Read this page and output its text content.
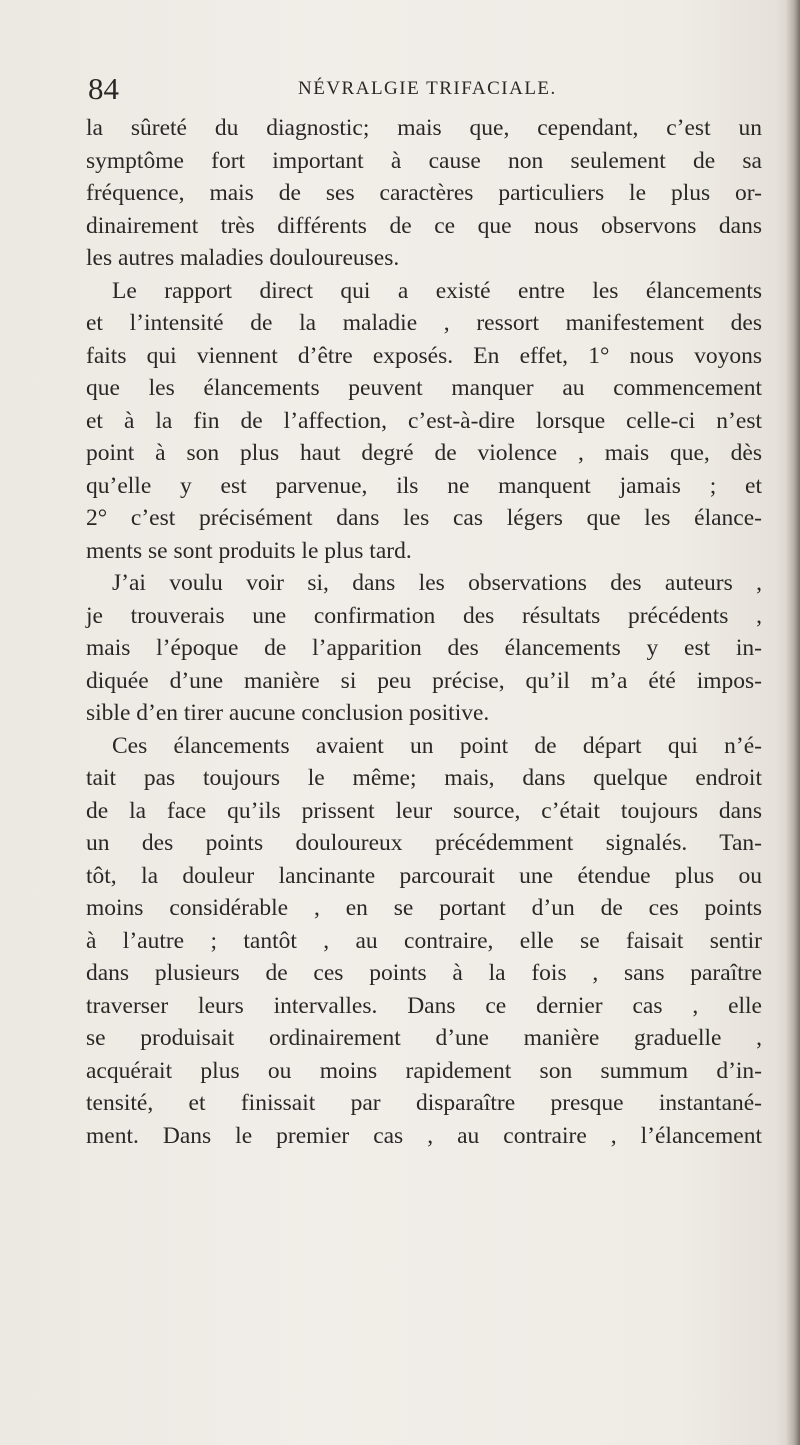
84	NÉVRALGIE TRIFACIALE.
la sûreté du diagnostic; mais que, cependant, c’est un
symptôme fort important à cause non seulement de sa
fréquence, mais de ses caractères particuliers le plus or-
dinairement très différents de ce que nous observons dans
les autres maladies douloureuses.
Le rapport direct qui a existé entre les élancements
et l’intensité de la maladie , ressort manifestement des
faits qui viennent d’être exposés. En effet, 1° nous voyons
que les élancements peuvent manquer au commencement
et à la fin de l’affection, c’est-à-dire lorsque celle-ci n’est
point à son plus haut degré de violence , mais que, dès
qu’elle y est parvenue, ils ne manquent jamais ; et
2° c’est précisément dans les cas légers que les élance-
ments se sont produits le plus tard.
J’ai voulu voir si, dans les observations des auteurs ,
je trouverais une confirmation des résultats précédents ,
mais l’époque de l’apparition des élancements y est in-
diquée d’une manière si peu précise, qu’il m’a été impos-
sible d’en tirer aucune conclusion positive.
Ces élancements avaient un point de départ qui n’é-
tait pas toujours le même; mais, dans quelque endroit
de la face qu’ils prissent leur source, c’était toujours dans
un des points douloureux précédemment signalés. Tan-
tôt, la douleur lancinante parcourait une étendue plus ou
moins considérable , en se portant d’un de ces points
à l’autre ; tantôt , au contraire, elle se faisait sentir
dans plusieurs de ces points à la fois , sans paraître
traverser leurs intervalles. Dans ce dernier cas , elle
se produisait ordinairement d’une manière graduelle ,
acquérait plus ou moins rapidement son summum d’in-
tensité, et finissait par disparaître presque instantané-
ment. Dans le premier cas , au contraire , l’élancement
